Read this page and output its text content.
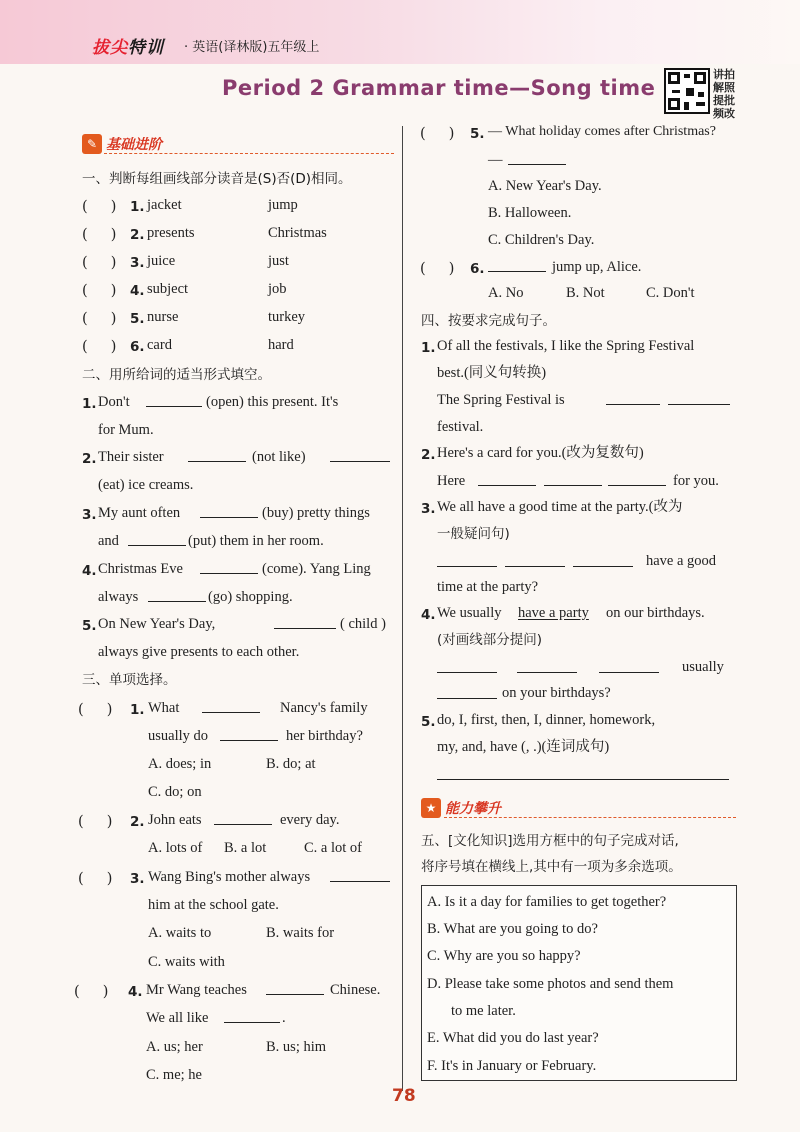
拔尖特训 · 英语(译林版)五年级上
Period 2 Grammar time—Song time
讲拍 解照 提批 频改
✎ 基础进阶
一、判断每组画线部分读音是(S)否(D)相同。
(     ) 1. jacket	jump
(     ) 2. presents	Christmas
(     ) 3. juice	just
(     ) 4. subject	job
(     ) 5. nurse	turkey
(     ) 6. card	hard
二、用所给词的适当形式填空。
1. Don't	(open) this present. It's
for Mum.
2. Their sister	(not like)
(eat) ice creams.
3. My aunt often	(buy) pretty things
and	(put) them in her room.
4. Christmas Eve	(come). Yang Ling
always	(go) shopping.
5. On New Year's Day,	( child )
always give presents to each other.
三、单项选择。
(     ) 1. What	Nancy's family
usually do	her birthday?
A. does; in	B. do; at
C. do; on
(     ) 2. John eats	every day.
A. lots of B. a lot	C. a lot of
(     ) 3. Wang Bing's mother always
him at the school gate.
A. waits to	B. waits for
C. waits with
(     ) 4. Mr Wang teaches	Chinese.
We all like	.
A. us; her	B. us; him
C. me; he
(     ) 5. — What holiday comes after Christmas?
—
A. New Year's Day.
B. Halloween.
C. Children's Day.
(     ) 6.	jump up, Alice.
A. No	B. Not	C. Don't
四、按要求完成句子。
1. Of all the festivals, I like the Spring Festival
best.(同义句转换)
The Spring Festival is
festival.
2. Here's a card for you.(改为复数句)
Here	for you.
3. We all have a good time at the party.(改为
一般疑问句)
have a good
time at the party?
4. We usually have a party on our birthdays.
(对画线部分提问)
usually
on your birthdays?
5. do, I, first, then, I, dinner, homework,
my, and, have (, .)(连词成句)
★ 能力攀升
五、[文化知识]选用方框中的句子完成对话,
将序号填在横线上,其中有一项为多余选项。
A. Is it a day for families to get together?
B. What are you going to do?
C. Why are you so happy?
D. Please take some photos and send them
to me later.
E. What did you do last year?
F. It's in January or February.
78
